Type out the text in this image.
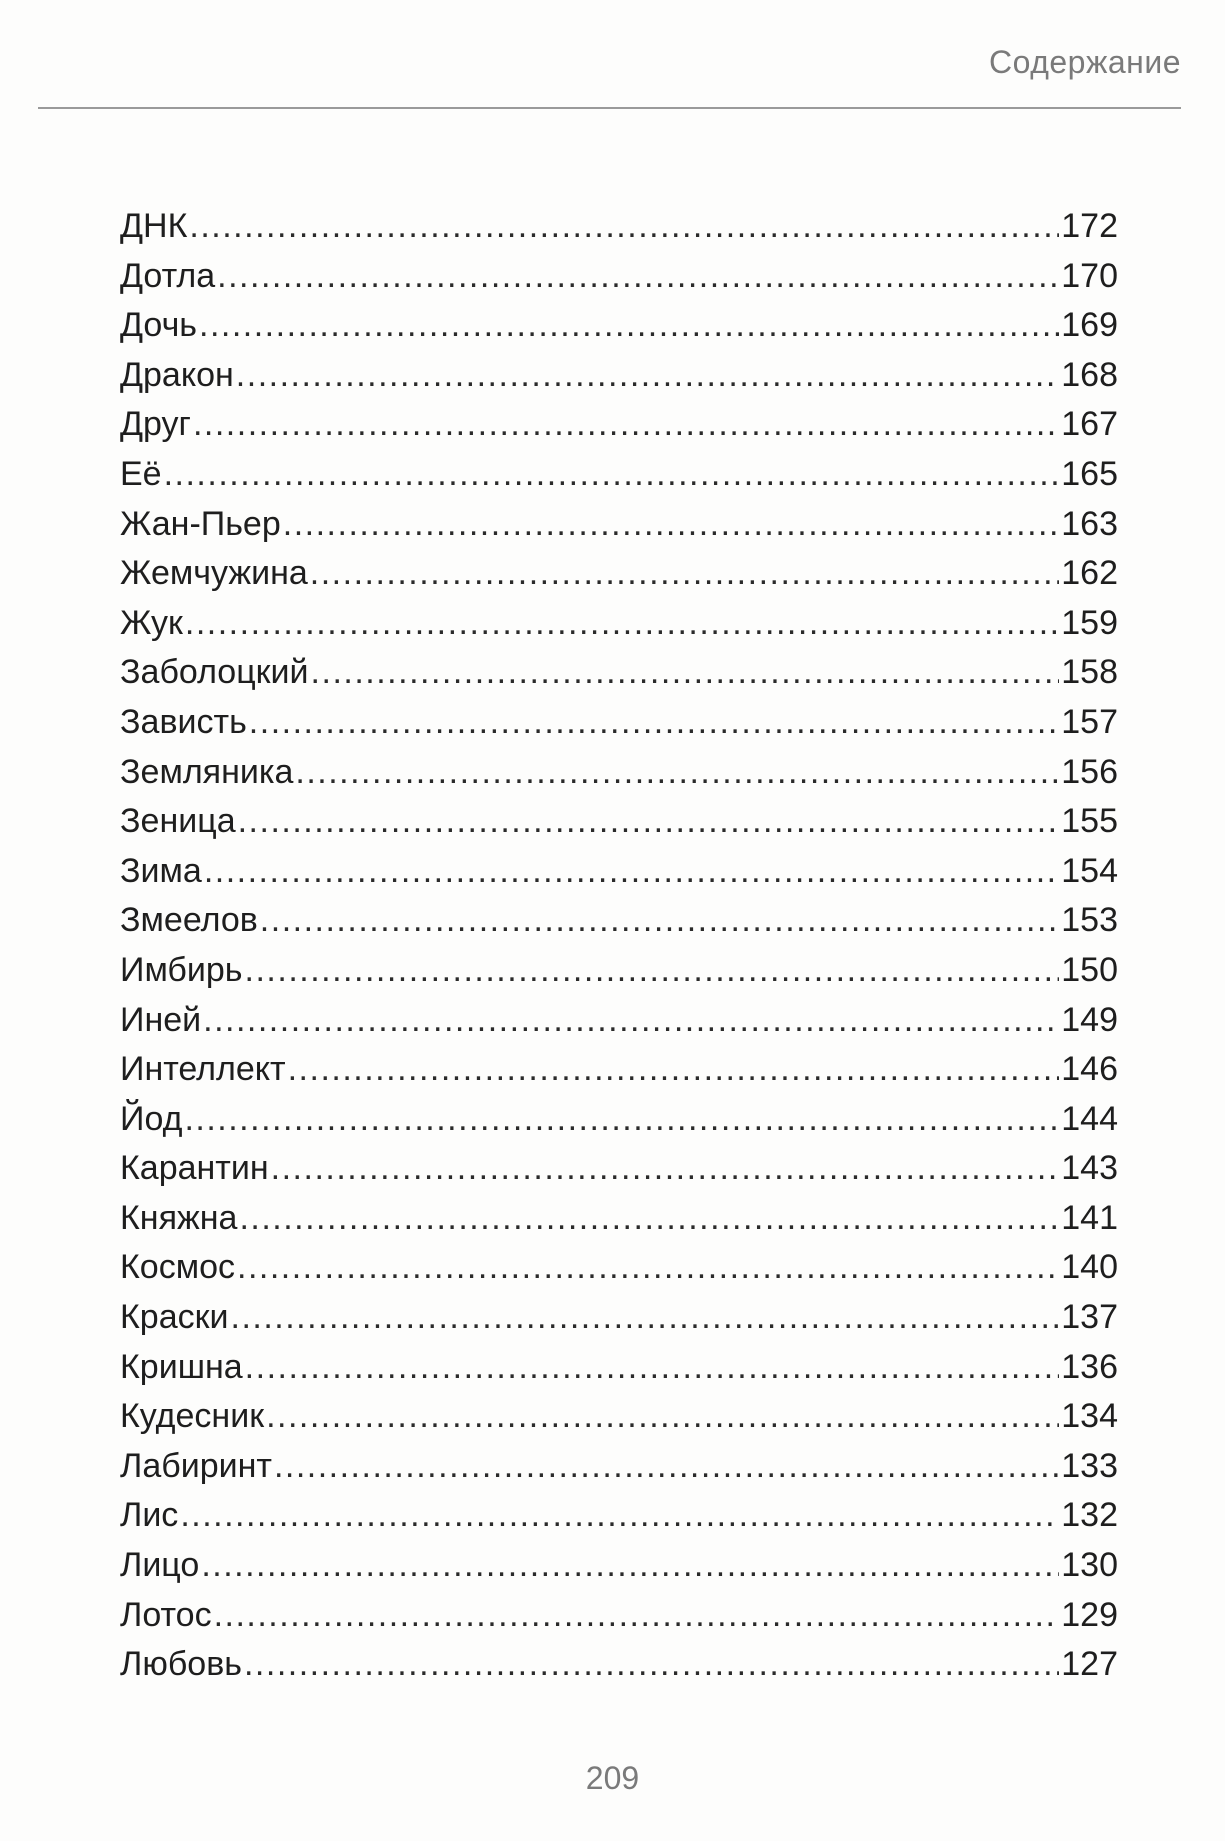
Содержание
ДНК .....	172
Дотла .....	170
Дочь .....	169
Дракон .....	168
Друг .....	167
Её .....	165
Жан-Пьер .....	163
Жемчужина .....	162
Жук .....	159
Заболоцкий .....	158
Зависть .....	157
Земляника .....	156
Зеница .....	155
Зима .....	154
Змеелов .....	153
Имбирь .....	150
Иней .....	149
Интеллект .....	146
Йод .....	144
Карантин .....	143
Княжна .....	141
Космос .....	140
Краски .....	137
Кришна .....	136
Кудесник .....	134
Лабиринт .....	133
Лис .....	132
Лицо .....	130
Лотос .....	129
Любовь .....	127
209
